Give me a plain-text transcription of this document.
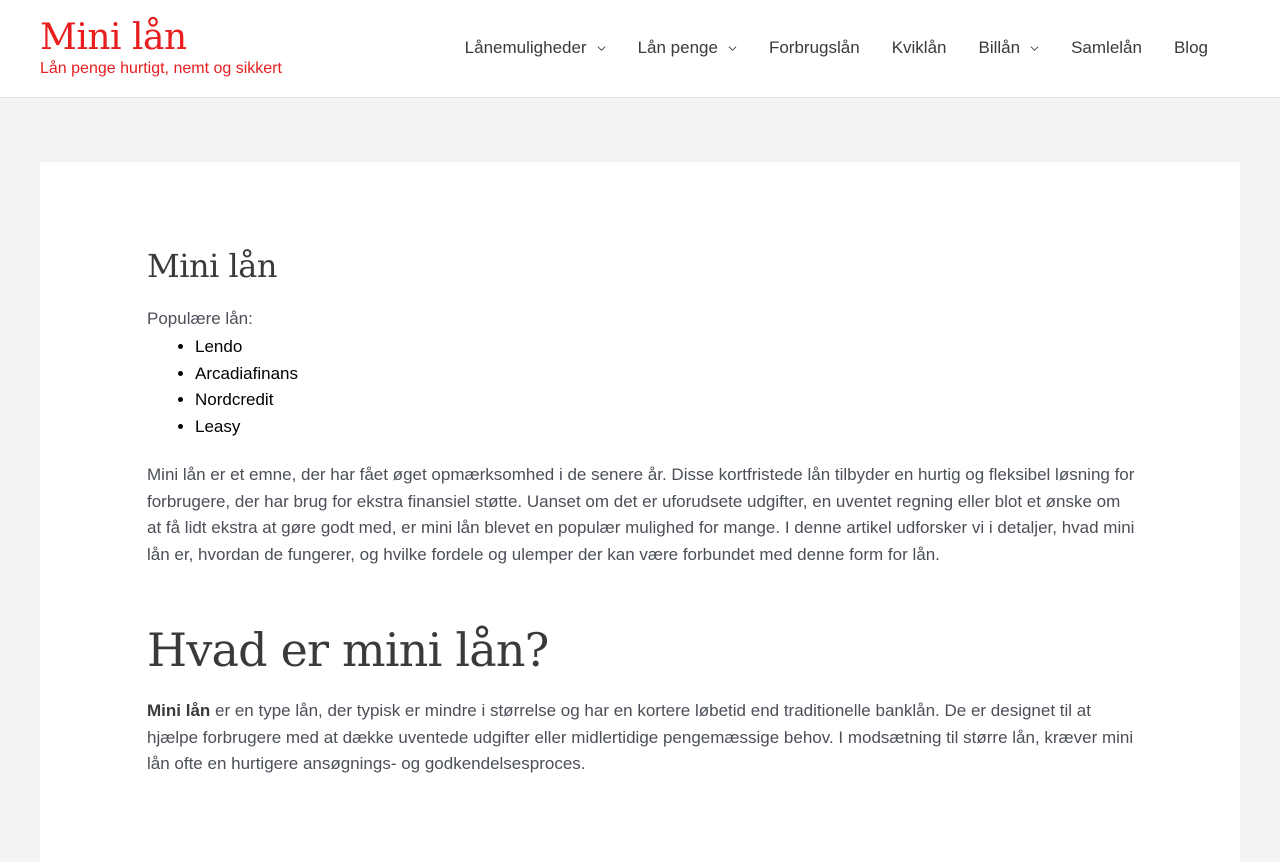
Mini lån
Lån penge hurtigt, nemt og sikkert
Lånemuligheder	Lån penge	Forbrugslån Kviklån Billån	Samlelån Blog
Mini lån
Populære lån:
• Lendo
• Arcadiafinans
• Nordcredit
• Leasy

Mini lån er et emne, der har fået øget opmærksomhed i de senere år. Disse kortfristede lån tilbyder en hurtig og fleksibel løsning for forbrugere, der har brug for ekstra finansiel støtte. Uanset om det er uforudsete udgifter, en uventet regning eller blot et ønske om at få lidt ekstra at gøre godt med, er mini lån blevet en populær mulighed for mange. I denne artikel udforsker vi i detaljer, hvad mini lån er, hvordan de fungerer, og hvilke fordele og ulemper der kan være forbundet med denne form for lån.

Hvad er mini lån?

Mini lån er en type lån, der typisk er mindre i størrelse og har en kortere løbetid end traditionelle banklån. De er designet til at hjælpe forbrugere med at dække uventede udgifter eller midlertidige pengemæssige behov. I modsætning til større lån, kræver mini lån ofte en hurtigere ansøgnings- og godkendelsesproces.
